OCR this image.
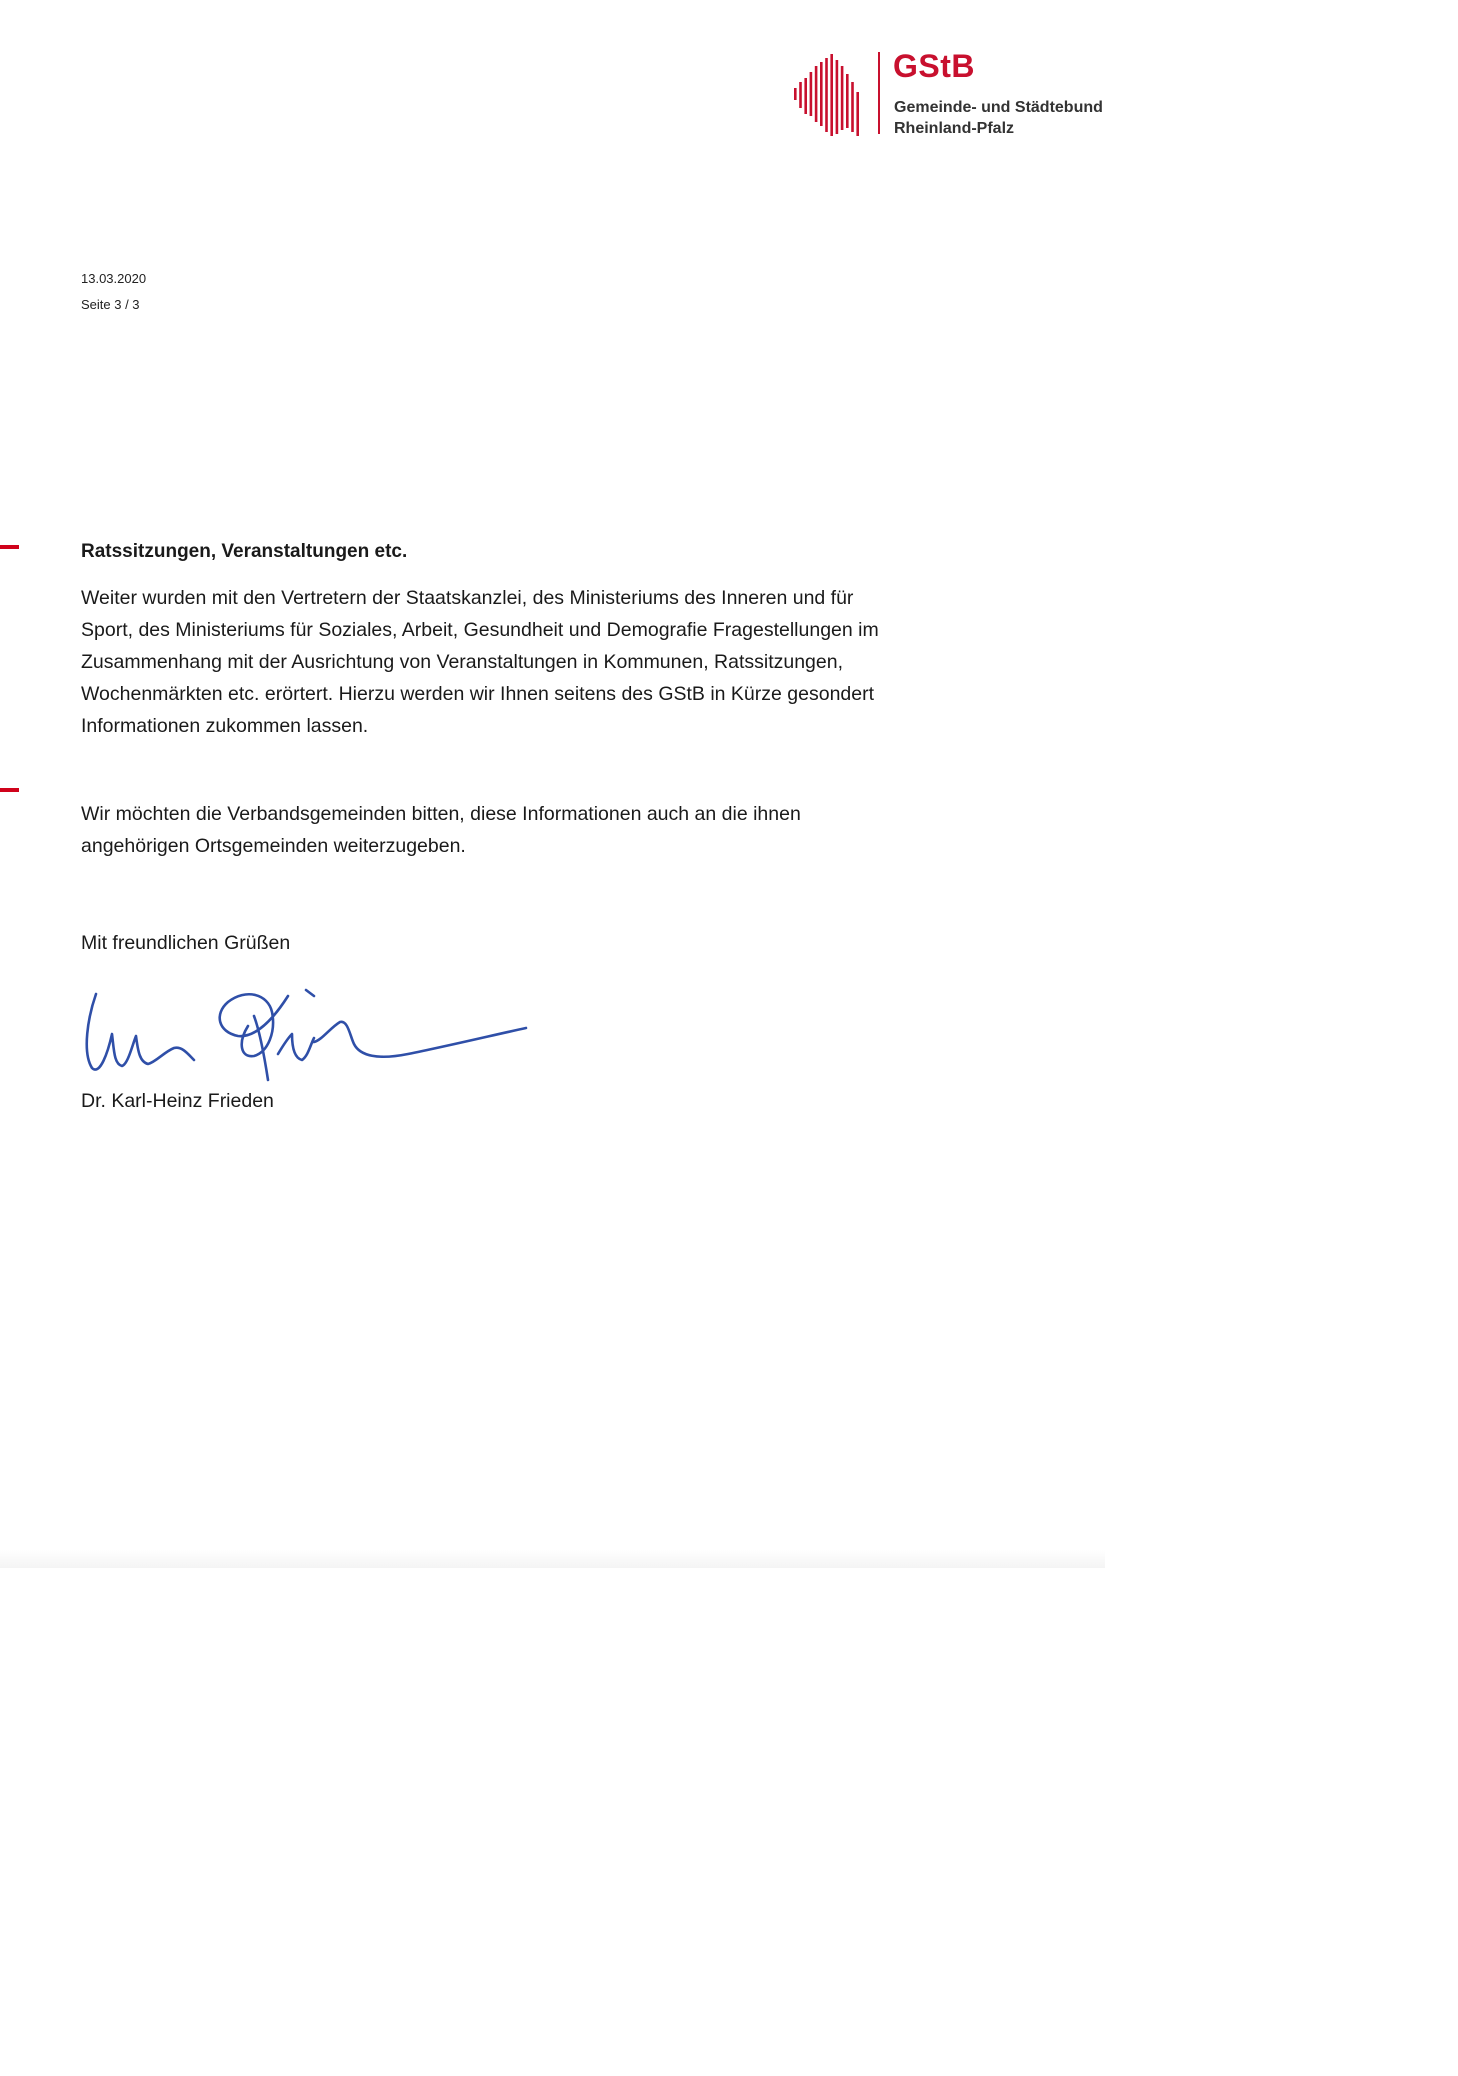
GStB
Gemeinde- und Städtebund
Rheinland-Pfalz
13.03.2020
Seite 3 / 3
Ratssitzungen, Veranstaltungen etc.

Weiter wurden mit den Vertretern der Staatskanzlei, des Ministeriums des Inneren und für
Sport, des Ministeriums für Soziales, Arbeit, Gesundheit und Demografie Fragestellungen im
Zusammenhang mit der Ausrichtung von Veranstaltungen in Kommunen, Ratssitzungen,
Wochenmärkten etc. erörtert. Hierzu werden wir Ihnen seitens des GStB in Kürze gesondert
Informationen zukommen lassen.

Wir möchten die Verbandsgemeinden bitten, diese Informationen auch an die ihnen
angehörigen Ortsgemeinden weiterzugeben.

Mit freundlichen Grüßen
Dr. Karl-Heinz Frieden
